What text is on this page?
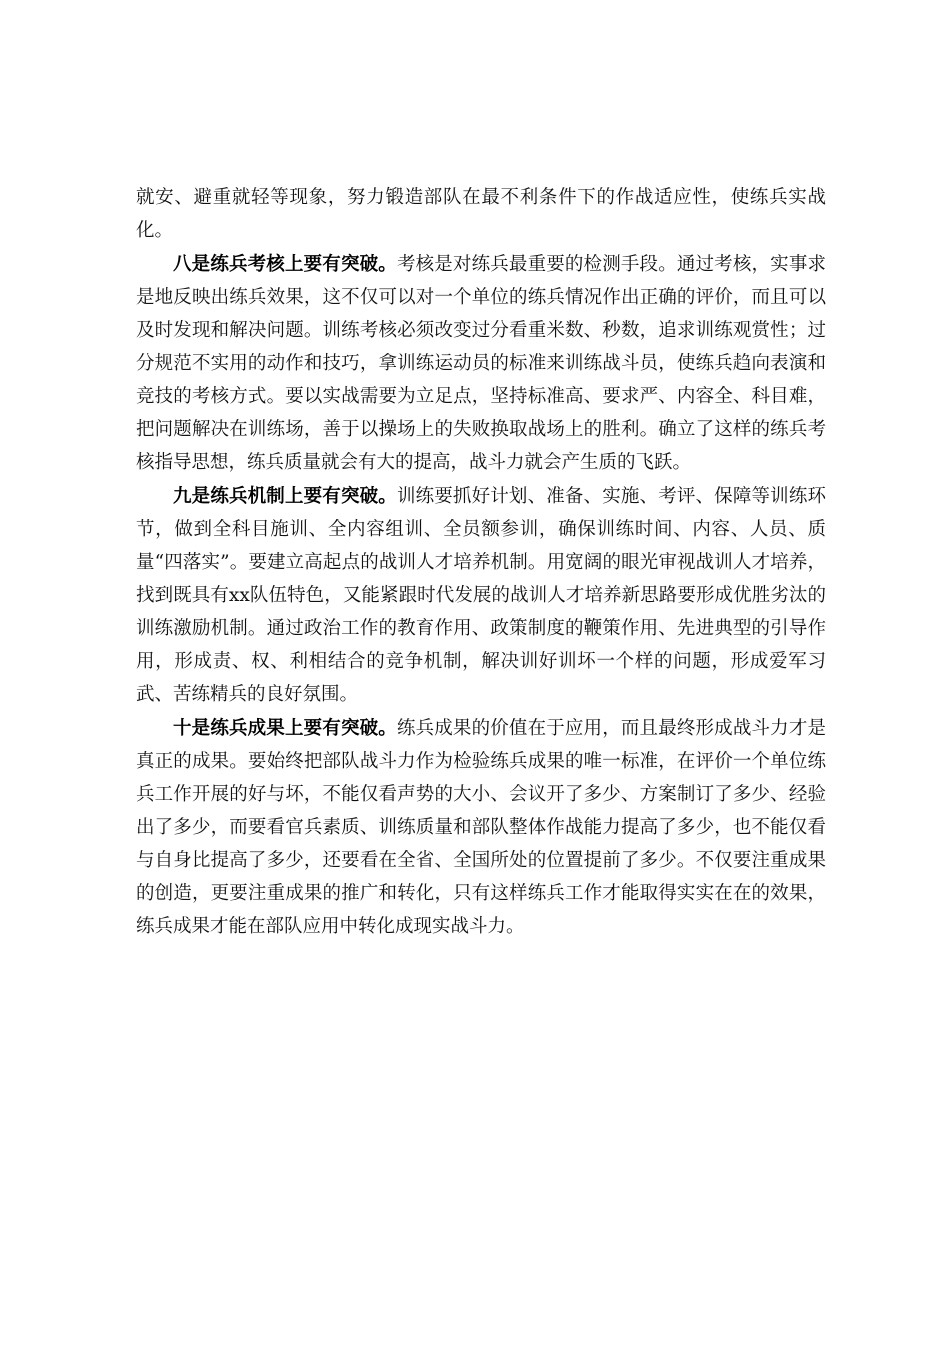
就安、避重就轻等现象，努力锻造部队在最不利条件下的作战适应性，使练兵实战化。

八是练兵考核上要有突破。考核是对练兵最重要的检测手段。通过考核，实事求是地反映出练兵效果，这不仅可以对一个单位的练兵情况作出正确的评价，而且可以及时发现和解决问题。训练考核必须改变过分看重米数、秒数，追求训练观赏性；过分规范不实用的动作和技巧，拿训练运动员的标准来训练战斗员，使练兵趋向表演和竞技的考核方式。要以实战需要为立足点，坚持标准高、要求严、内容全、科目难，把问题解决在训练场，善于以操场上的失败换取战场上的胜利。确立了这样的练兵考核指导思想，练兵质量就会有大的提高，战斗力就会产生质的飞跃。

九是练兵机制上要有突破。训练要抓好计划、准备、实施、考评、保障等训练环节，做到全科目施训、全内容组训、全员额参训，确保训练时间、内容、人员、质量“四落实”。要建立高起点的战训人才培养机制。用宽阔的眼光审视战训人才培养，找到既具有xx队伍特色，又能紧跟时代发展的战训人才培养新思路要形成优胜劣汰的训练激励机制。通过政治工作的教育作用、政策制度的鞭策作用、先进典型的引导作用，形成责、权、利相结合的竞争机制，解决训好训坏一个样的问题，形成爱军习武、苦练精兵的良好氛围。

十是练兵成果上要有突破。练兵成果的价值在于应用，而且最终形成战斗力才是真正的成果。要始终把部队战斗力作为检验练兵成果的唯一标准，在评价一个单位练兵工作开展的好与坏，不能仅看声势的大小、会议开了多少、方案制订了多少、经验出了多少，而要看官兵素质、训练质量和部队整体作战能力提高了多少，也不能仅看与自身比提高了多少，还要看在全省、全国所处的位置提前了多少。不仅要注重成果的创造，更要注重成果的推广和转化，只有这样练兵工作才能取得实实在在的效果，练兵成果才能在部队应用中转化成现实战斗力。
